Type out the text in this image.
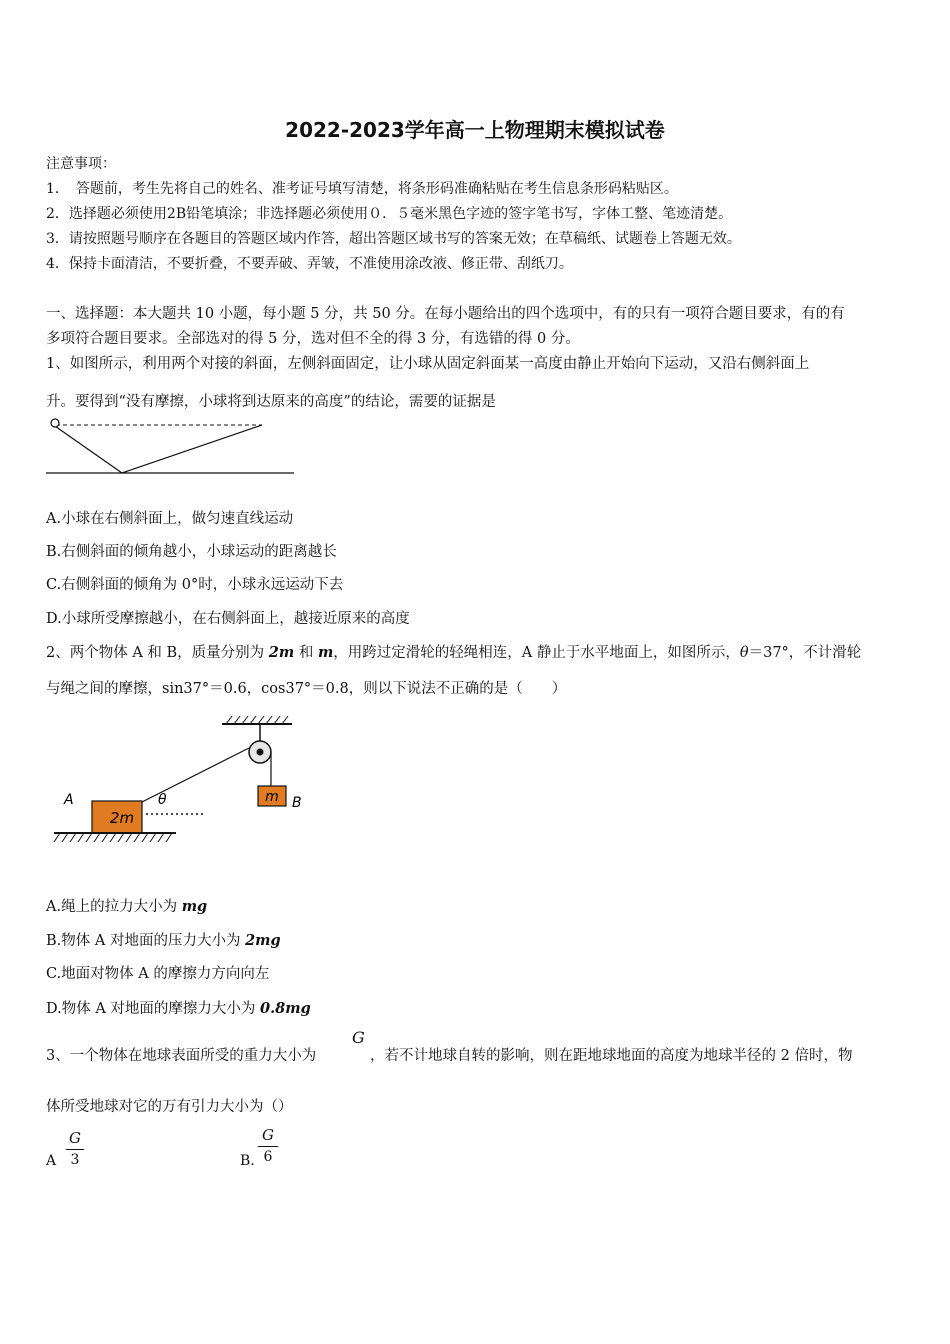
2022-2023学年高一上物理期末模拟试卷
注意事项：
1．　答题前，考生先将自己的姓名、准考证号填写清楚，将条形码准确粘贴在考生信息条形码粘贴区。
2．选择题必须使用2B铅笔填涂；非选择题必须使用０．５毫米黑色字迹的签字笔书写，字体工整、笔迹清楚。
3．请按照题号顺序在各题目的答题区域内作答，超出答题区域书写的答案无效；在草稿纸、试题卷上答题无效。
4．保持卡面清洁，不要折叠，不要弄破、弄皱，不准使用涂改液、修正带、刮纸刀。
一、选择题：本大题共 10 小题，每小题 5 分，共 50 分。在每小题给出的四个选项中，有的只有一项符合题目要求，有的有
多项符合题目要求。全部选对的得 5 分，选对但不全的得 3 分，有选错的得 0 分。
1、如图所示，利用两个对接的斜面，左侧斜面固定，让小球从固定斜面某一高度由静止开始向下运动，又沿右侧斜面上
升。要得到“没有摩擦，小球将到达原来的高度”的结论，需要的证据是
A.小球在右侧斜面上，做匀速直线运动
B.右侧斜面的倾角越小，小球运动的距离越长
C.右侧斜面的倾角为 0°时，小球永远运动下去
D.小球所受摩擦越小，在右侧斜面上，越接近原来的高度
2、两个物体 A 和 B，质量分别为 2m 和 m，用跨过定滑轮的轻绳相连，A 静止于水平地面上，如图所示，θ＝37°，不计滑轮
与绳之间的摩擦，sin37°＝0.6，cos37°＝0.8，则以下说法不正确的是（　　）
m B
2m
A	θ
A.绳上的拉力大小为 mg
B.物体 A 对地面的压力大小为 2mg
C.地面对物体 A 的摩擦力方向向左
D.物体 A 对地面的摩擦力大小为 0.8mg
3、一个物体在地球表面所受的重力大小为
G
，若不计地球自转的影响，则在距地球地面的高度为地球半径的 2 倍时，物
体所受地球对它的万有引力大小为（）
A
G
3	B.
G
6
